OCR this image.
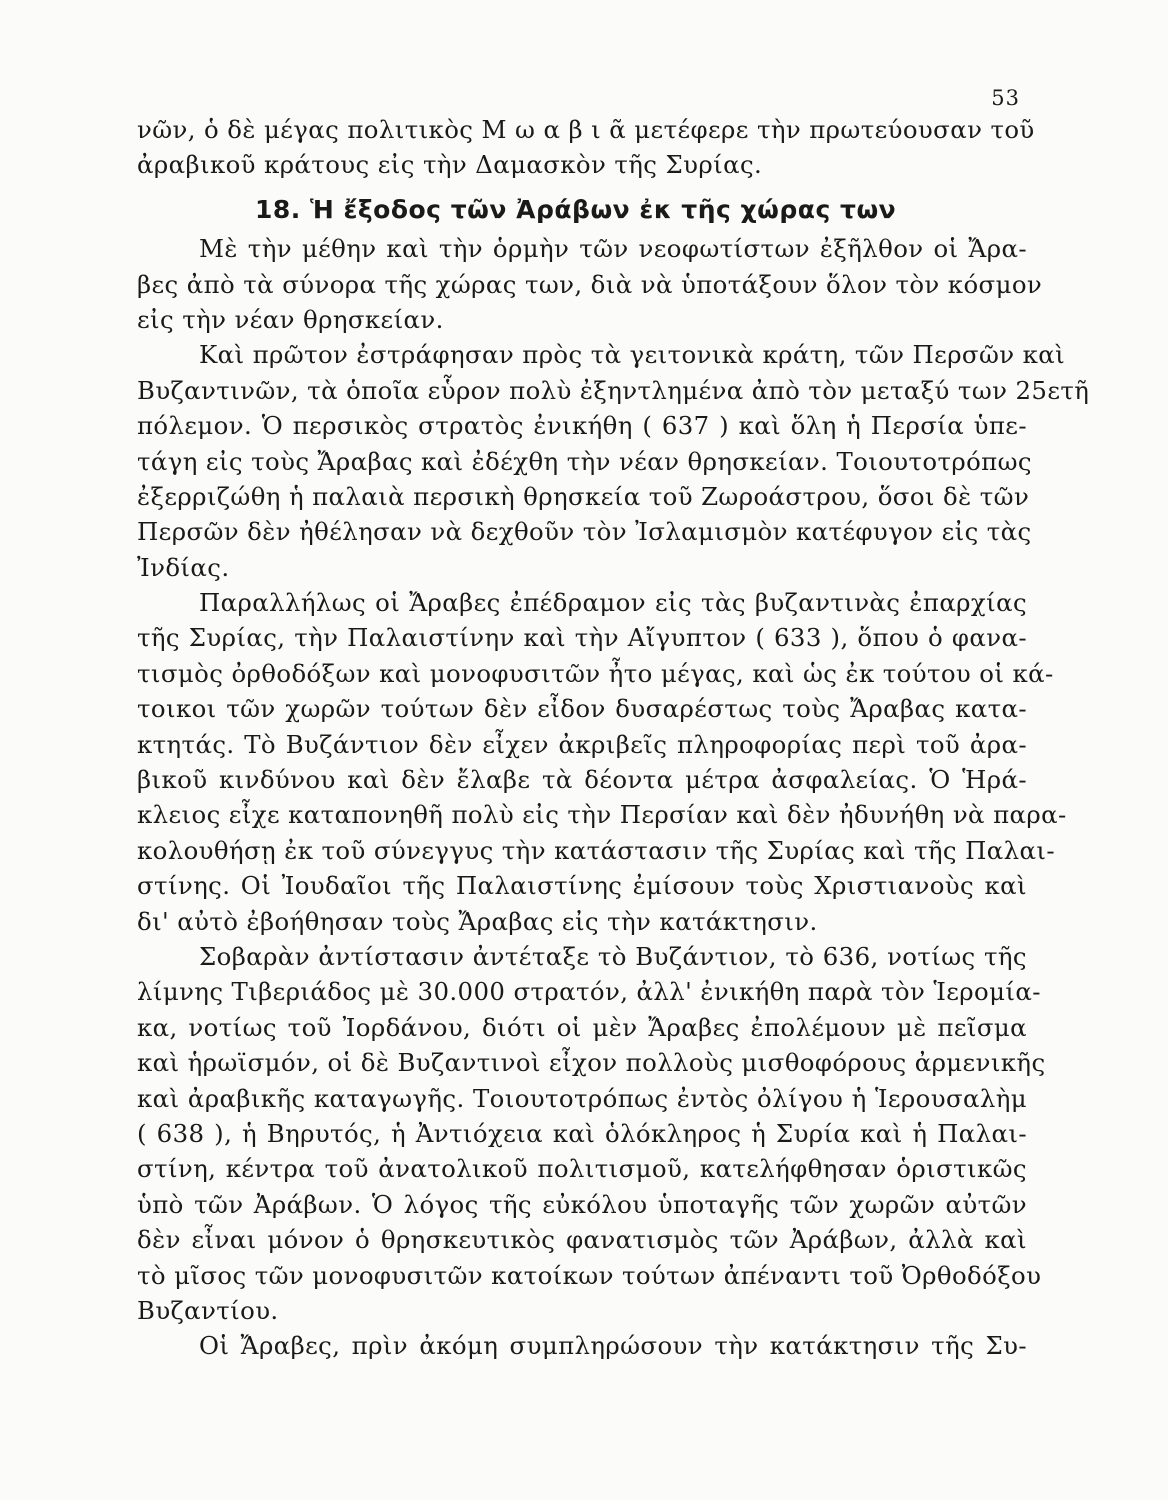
53
νῶν, ὁ δὲ μέγας πολιτικὸς Μ ω α β ι ᾶ μετέφερε τὴν πρωτεύουσαν τοῦ
ἀραβικοῦ κράτους εἰς τὴν Δαμασκὸν τῆς Συρίας.
18. Ἡ ἔξοδος τῶν Ἀράβων ἐκ τῆς χώρας των
Μὲ τὴν μέθην καὶ τὴν ὁρμὴν τῶν νεοφωτίστων ἐξῆλθον οἱ Ἄρα-
βες ἀπὸ τὰ σύνορα τῆς χώρας των, διὰ νὰ ὑποτάξουν ὅλον τὸν κόσμον
εἰς τὴν νέαν θρησκείαν.
Καὶ πρῶτον ἐστράφησαν πρὸς τὰ γειτονικὰ κράτη, τῶν Περσῶν καὶ
Βυζαντινῶν, τὰ ὁποῖα εὗρον πολὺ ἐξηντλημένα ἀπὸ τὸν μεταξύ των 25ετῆ
πόλεμον. Ὁ περσικὸς στρατὸς ἐνικήθη ( 637 ) καὶ ὅλη ἡ Περσία ὑπε-
τάγη εἰς τοὺς Ἄραβας καὶ ἐδέχθη τὴν νέαν θρησκείαν. Τοιουτοτρόπως
ἐξερριζώθη ἡ παλαιὰ περσικὴ θρησκεία τοῦ Ζωροάστρου, ὅσοι δὲ τῶν
Περσῶν δὲν ἠθέλησαν νὰ δεχθοῦν τὸν Ἰσλαμισμὸν κατέφυγον εἰς τὰς
Ἰνδίας.
Παραλλήλως οἱ Ἄραβες ἐπέδραμον εἰς τὰς βυζαντινὰς ἐπαρχίας
τῆς Συρίας, τὴν Παλαιστίνην καὶ τὴν Αἴγυπτον ( 633 ), ὅπου ὁ φανα-
τισμὸς ὀρθοδόξων καὶ μονοφυσιτῶν ἦτο μέγας, καὶ ὡς ἐκ τούτου οἱ κά-
τοικοι τῶν χωρῶν τούτων δὲν εἶδον δυσαρέστως τοὺς Ἄραβας κατα-
κτητάς. Τὸ Βυζάντιον δὲν εἶχεν ἀκριβεῖς πληροφορίας περὶ τοῦ ἀρα-
βικοῦ κινδύνου καὶ δὲν ἔλαβε τὰ δέοντα μέτρα ἀσφαλείας. Ὁ Ἡρά-
κλειος εἶχε καταπονηθῆ πολὺ εἰς τὴν Περσίαν καὶ δὲν ἠδυνήθη νὰ παρα-
κολουθήσῃ ἐκ τοῦ σύνεγγυς τὴν κατάστασιν τῆς Συρίας καὶ τῆς Παλαι-
στίνης. Οἱ Ἰουδαῖοι τῆς Παλαιστίνης ἐμίσουν τοὺς Χριστιανοὺς καὶ
δι' αὐτὸ ἐβοήθησαν τοὺς Ἄραβας εἰς τὴν κατάκτησιν.
Σοβαρὰν ἀντίστασιν ἀντέταξε τὸ Βυζάντιον, τὸ 636, νοτίως τῆς
λίμνης Τιβεριάδος μὲ 30.000 στρατόν, ἀλλ' ἐνικήθη παρὰ τὸν Ἱερομία-
κα, νοτίως τοῦ Ἰορδάνου, διότι οἱ μὲν Ἄραβες ἐπολέμουν μὲ πεῖσμα
καὶ ἡρωϊσμόν, οἱ δὲ Βυζαντινοὶ εἶχον πολλοὺς μισθοφόρους ἀρμενικῆς
καὶ ἀραβικῆς καταγωγῆς. Τοιουτοτρόπως ἐντὸς ὀλίγου ἡ Ἱερουσαλὴμ
( 638 ), ἡ Βηρυτός, ἡ Ἀντιόχεια καὶ ὁλόκληρος ἡ Συρία καὶ ἡ Παλαι-
στίνη, κέντρα τοῦ ἀνατολικοῦ πολιτισμοῦ, κατελήφθησαν ὁριστικῶς
ὑπὸ τῶν Ἀράβων. Ὁ λόγος τῆς εὐκόλου ὑποταγῆς τῶν χωρῶν αὐτῶν
δὲν εἶναι μόνον ὁ θρησκευτικὸς φανατισμὸς τῶν Ἀράβων, ἀλλὰ καὶ
τὸ μῖσος τῶν μονοφυσιτῶν κατοίκων τούτων ἀπέναντι τοῦ Ὀρθοδόξου
Βυζαντίου.
Οἱ Ἄραβες, πρὶν ἀκόμη συμπληρώσουν τὴν κατάκτησιν τῆς Συ-
